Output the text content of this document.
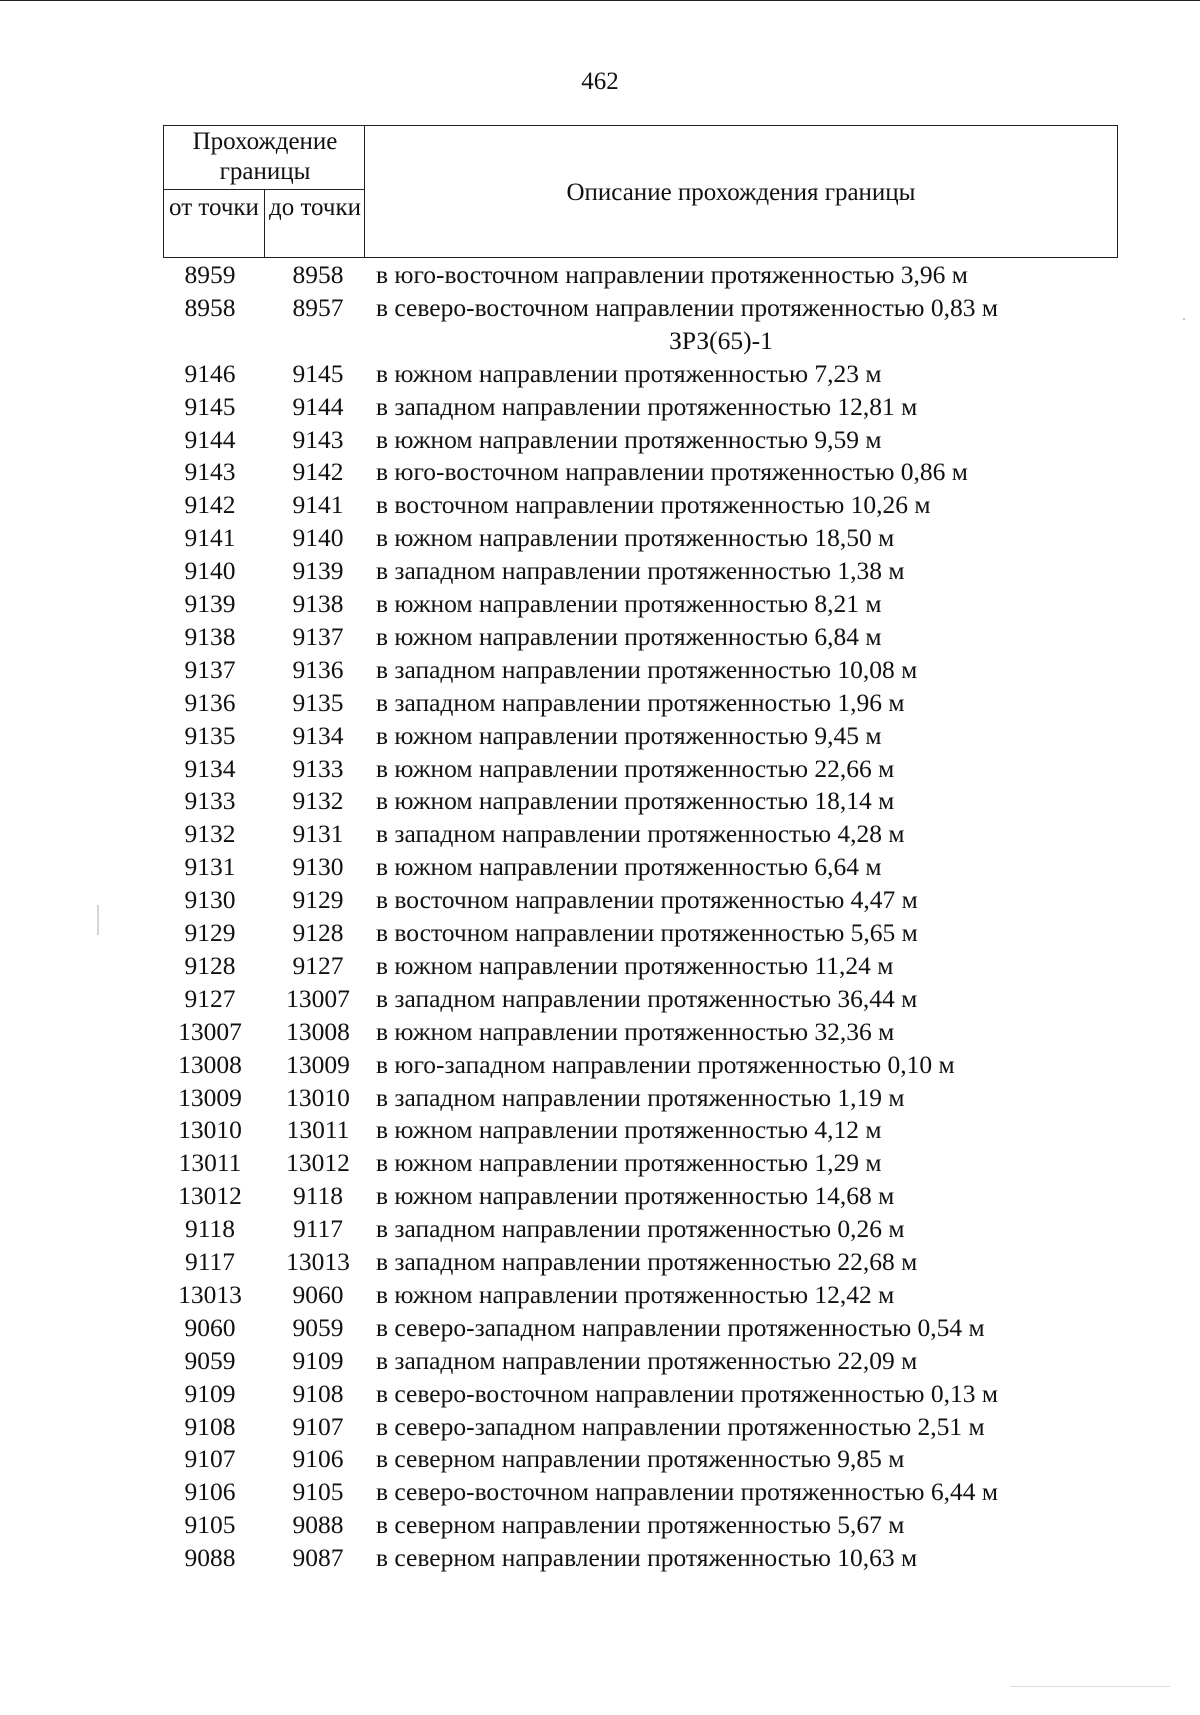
462
Прохождение границы
от точки до точки
Описание прохождения границы
8959	8958	в юго-восточном направлении протяженностью 3,96 м
8958	8957	в северо-восточном направлении протяженностью 0,83 м
ЗРЗ(65)-1
9146	9145	в южном направлении протяженностью 7,23 м
9145	9144	в западном направлении протяженностью 12,81 м
9144	9143	в южном направлении протяженностью 9,59 м
9143	9142	в юго-восточном направлении протяженностью 0,86 м
9142	9141	в восточном направлении протяженностью 10,26 м
9141	9140	в южном направлении протяженностью 18,50 м
9140	9139	в западном направлении протяженностью 1,38 м
9139	9138	в южном направлении протяженностью 8,21 м
9138	9137	в южном направлении протяженностью 6,84 м
9137	9136	в западном направлении протяженностью 10,08 м
9136	9135	в западном направлении протяженностью 1,96 м
9135	9134	в южном направлении протяженностью 9,45 м
9134	9133	в южном направлении протяженностью 22,66 м
9133	9132	в южном направлении протяженностью 18,14 м
9132	9131	в западном направлении протяженностью 4,28 м
9131	9130	в южном направлении протяженностью 6,64 м
9130	9129	в восточном направлении протяженностью 4,47 м
9129	9128	в восточном направлении протяженностью 5,65 м
9128	9127	в южном направлении протяженностью 11,24 м
9127	13007	в западном направлении протяженностью 36,44 м
13007	13008	в южном направлении протяженностью 32,36 м
13008	13009	в юго-западном направлении протяженностью 0,10 м
13009	13010	в западном направлении протяженностью 1,19 м
13010	13011	в южном направлении протяженностью 4,12 м
13011	13012	в южном направлении протяженностью 1,29 м
13012	9118	в южном направлении протяженностью 14,68 м
9118	9117	в западном направлении протяженностью 0,26 м
9117	13013	в западном направлении протяженностью 22,68 м
13013	9060	в южном направлении протяженностью 12,42 м
9060	9059	в северо-западном направлении протяженностью 0,54 м
9059	9109	в западном направлении протяженностью 22,09 м
9109	9108	в северо-восточном направлении протяженностью 0,13 м
9108	9107	в северо-западном направлении протяженностью 2,51 м
9107	9106	в северном направлении протяженностью 9,85 м
9106	9105	в северо-восточном направлении протяженностью 6,44 м
9105	9088	в северном направлении протяженностью 5,67 м
9088	9087	в северном направлении протяженностью 10,63 м
